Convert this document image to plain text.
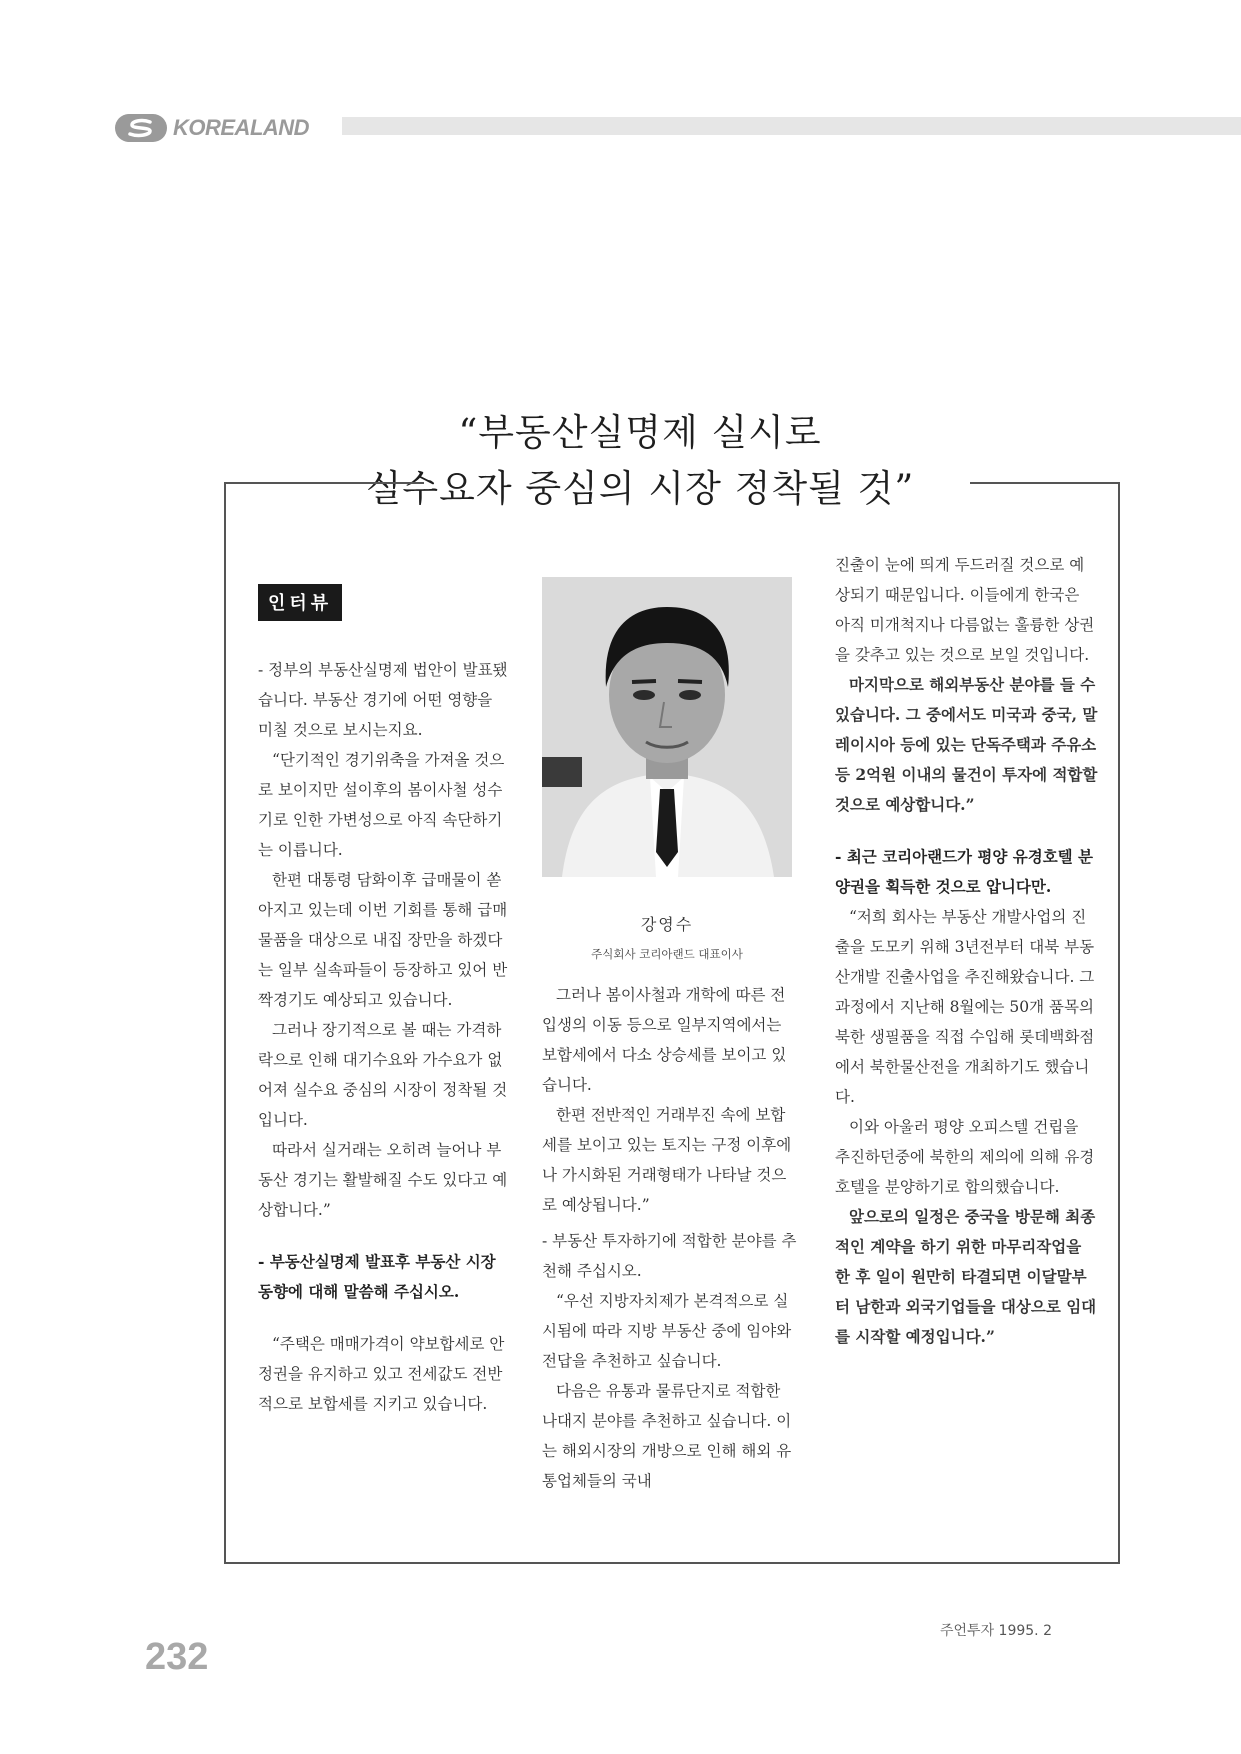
KOREALAND
“부동산실명제 실시로
실수요자 중심의 시장 정착될 것”
인터뷰

- 정부의 부동산실명제 법안이 발표됐습니다. 부동산 경기에 어떤 영향을 미칠 것으로 보시는지요.

“단기적인 경기위축을 가져올 것으로 보이지만 설이후의 봄이사철 성수기로 인한 가변성으로 아직 속단하기는 이릅니다.

한편 대통령 담화이후 급매물이 쏟아지고 있는데 이번 기회를 통해 급매물품을 대상으로 내집 장만을 하겠다는 일부 실속파들이 등장하고 있어 반짝경기도 예상되고 있습니다.

그러나 장기적으로 볼 때는 가격하락으로 인해 대기수요와 가수요가 없어져 실수요 중심의 시장이 정착될 것입니다.

따라서 실거래는 오히려 늘어나 부동산 경기는 활발해질 수도 있다고 예상합니다.”

- 부동산실명제 발표후 부동산 시장 동향에 대해 말씀해 주십시오.

“주택은 매매가격이 약보합세로 안정권을 유지하고 있고 전세값도 전반적으로 보합세를 지키고 있습니다.

강영수
주식회사 코리아랜드 대표이사

그러나 봄이사철과 개학에 따른 전입생의 이동 등으로 일부지역에서는 보합세에서 다소 상승세를 보이고 있습니다.

한편 전반적인 거래부진 속에 보합세를 보이고 있는 토지는 구정 이후에나 가시화된 거래형태가 나타날 것으로 예상됩니다.”

- 부동산 투자하기에 적합한 분야를 추천해 주십시오.

“우선 지방자치제가 본격적으로 실시됨에 따라 지방 부동산 중에 임야와 전답을 추천하고 싶습니다.

다음은 유통과 물류단지로 적합한 나대지 분야를 추천하고 싶습니다. 이는 해외시장의 개방으로 인해 해외 유통업체들의 국내

진출이 눈에 띄게 두드러질 것으로 예상되기 때문입니다. 이들에게 한국은 아직 미개척지나 다름없는 훌륭한 상권을 갖추고 있는 것으로 보일 것입니다.

마지막으로 해외부동산 분야를 들 수 있습니다. 그 중에서도 미국과 중국, 말레이시아 등에 있는 단독주택과 주유소 등 2억원 이내의 물건이 투자에 적합할 것으로 예상합니다.”

- 최근 코리아랜드가 평양 유경호텔 분양권을 획득한 것으로 압니다만.

“저희 회사는 부동산 개발사업의 진출을 도모키 위해 3년전부터 대북 부동산개발 진출사업을 추진해왔습니다. 그 과정에서 지난해 8월에는 50개 품목의 북한 생필품을 직접 수입해 롯데백화점에서 북한물산전을 개최하기도 했습니다.

이와 아울러 평양 오피스텔 건립을 추진하던중에 북한의 제의에 의해 유경호텔을 분양하기로 합의했습니다.

앞으로의 일정은 중국을 방문해 최종적인 계약을 하기 위한 마무리작업을 한 후 일이 원만히 타결되면 이달말부터 남한과 외국기업들을 대상으로 임대를 시작할 예정입니다.”

주언투자 1995. 2
232
